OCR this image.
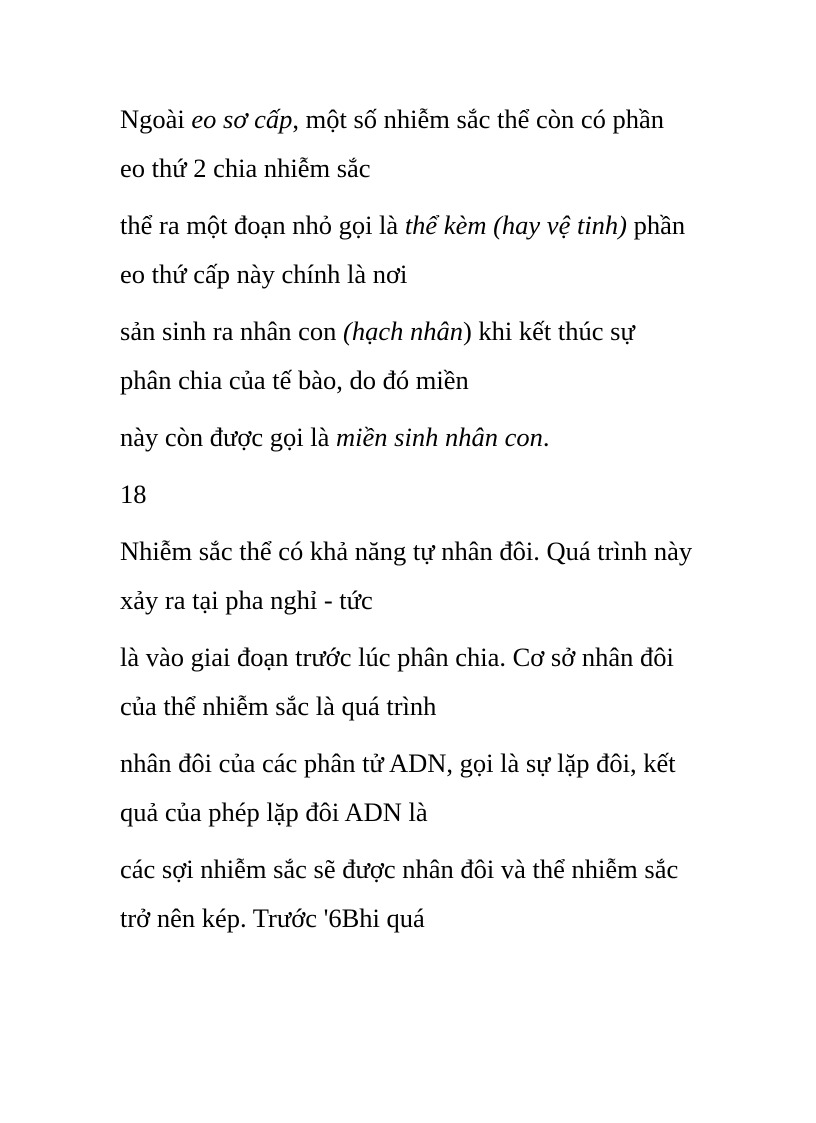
Ngoài eo sơ cấp, một số nhiễm sắc thể còn có phần
eo thứ 2 chia nhiễm sắc
thể ra một đoạn nhỏ gọi là thể kèm (hay vệ tinh) phần
eo thứ cấp này chính là nơi
sản sinh ra nhân con (hạch nhân) khi kết thúc sự
phân chia của tế bào, do đó miền
này còn được gọi là miền sinh nhân con.
18
Nhiễm sắc thể có khả năng tự nhân đôi. Quá trình này
xảy ra tại pha nghỉ - tức
là vào giai đoạn trước lúc phân chia. Cơ sở nhân đôi
của thể nhiễm sắc là quá trình
nhân đôi của các phân tử ADN, gọi là sự lặp đôi, kết
quả của phép lặp đôi ADN là
các sợi nhiễm sắc sẽ được nhân đôi và thể nhiễm sắc
trở nên kép. Trước '6Bhi quá
